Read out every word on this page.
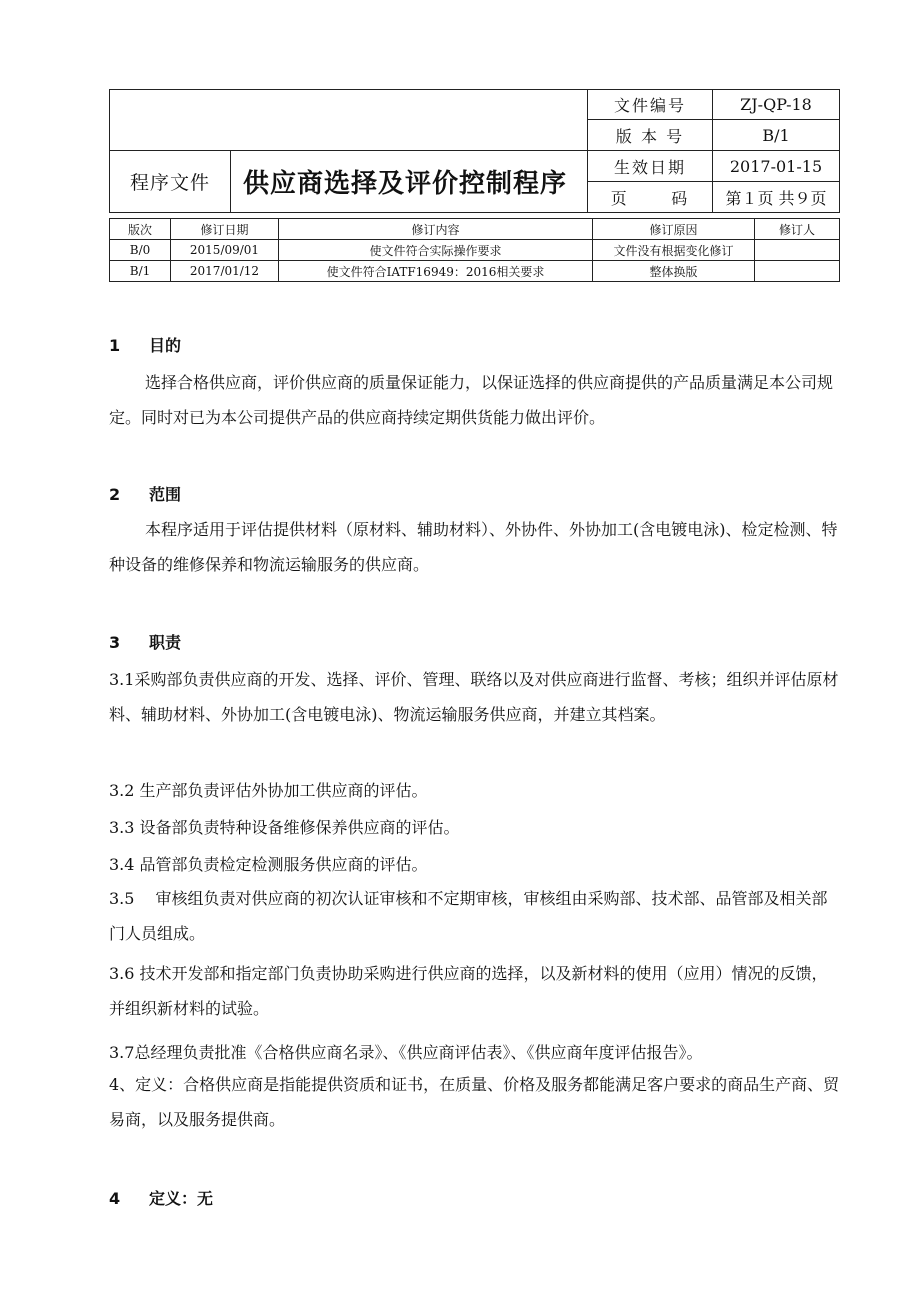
		文件编号	ZJ-QP-18
		版 本 号	B/1
程序文件	供应商选择及评价控制程序	生效日期	2017-01-15
		页      码	第１页 共９页
版次	修订日期	修订内容	修订原因	修订人
B/0	2015/09/01	使文件符合实际操作要求	文件没有根据变化修订	
B/1	2017/01/12	使文件符合IATF16949：2016相关要求	整体换版	
1 目的

选择合格供应商，评价供应商的质量保证能力，以保证选择的供应商提供的产品质量满足本公司规定。同时对已为本公司提供产品的供应商持续定期供货能力做出评价。

2 范围

本程序适用于评估提供材料（原材料、辅助材料）、外协件、外协加工(含电镀电泳)、检定检测、特种设备的维修保养和物流运输服务的供应商。

3 职责

3.1采购部负责供应商的开发、选择、评价、管理、联络以及对供应商进行监督、考核；组织并评估原材料、辅助材料、外协加工(含电镀电泳)、物流运输服务供应商，并建立其档案。

3.2 生产部负责评估外协加工供应商的评估。

3.3 设备部负责特种设备维修保养供应商的评估。

3.4 品管部负责检定检测服务供应商的评估。

3.5　 审核组负责对供应商的初次认证审核和不定期审核，审核组由采购部、技术部、品管部及相关部门人员组成。

3.6 技术开发部和指定部门负责协助采购进行供应商的选择，以及新材料的使用（应用）情况的反馈，并组织新材料的试验。

3.7总经理负责批准《合格供应商名录》、《供应商评估表》、《供应商年度评估报告》。

4、定义：合格供应商是指能提供资质和证书，在质量、价格及服务都能满足客户要求的商品生产商、贸易商，以及服务提供商。

4 定义：无
